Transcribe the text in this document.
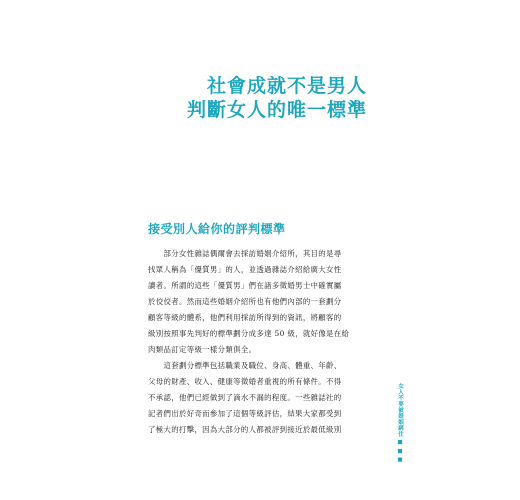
社會成就不是男人
判斷女人的唯一標準
接受別人給你的評判標準
　　部分女性雜誌偶爾會去採訪婚姻介紹所，其目的是尋
找眾人稱為「優質男」的人，並透過雜誌介紹給廣大女性
讀者。所謂的這些「優質男」們在諸多徵婚男士中確實屬
於佼佼者。然而這些婚姻介紹所也有他們內部的一套劃分
顧客等級的體系，他們利用採訪所得到的資訊，將顧客的
級別按照事先判好的標準劃分成多達 50 級，就好像是在給
肉類品訂定等級一樣分類俱全。
　　這套劃分標準包括職業及職位、身高、體重、年齡、
父母的財產、收入、健康等徵婚者重視的所有條件。不得
不承認，他們已經做到了滴水不漏的程度。一些雜誌社的
記者們出於好奇而參加了這個等級評估，結果大家都受到
了極大的打擊，因為大部分的人都被評到接近於最低級別	女人不要被婚姻綁住 ■ ■ ■
